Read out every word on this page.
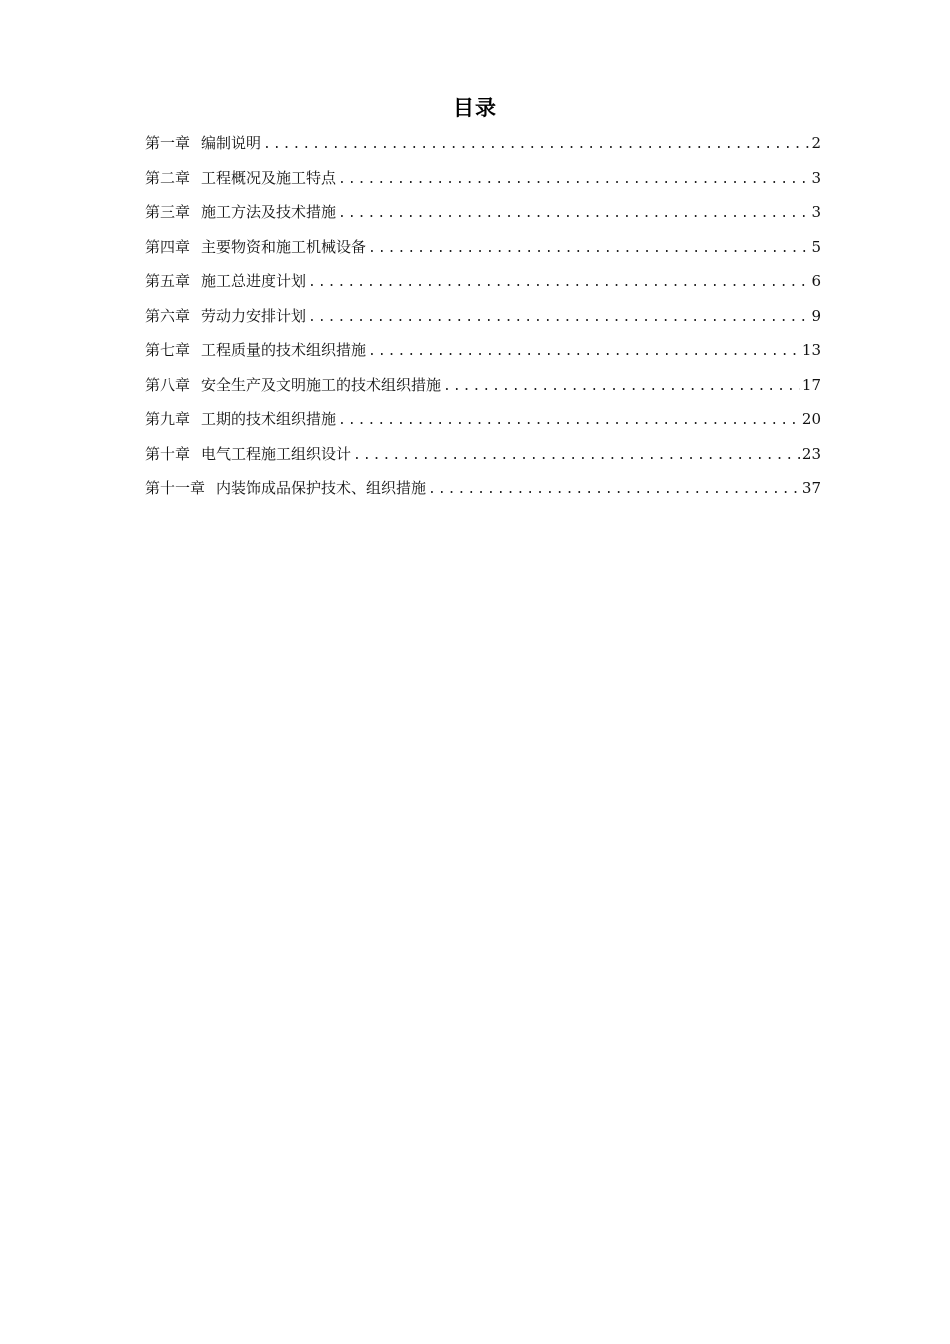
目录
第一章 编制说明 .....	2
第二章 工程概况及施工特点 .....	3
第三章 施工方法及技术措施 .....	3
第四章 主要物资和施工机械设备 .....	5
第五章 施工总进度计划 .....	6
第六章 劳动力安排计划 .....	9
第七章 工程质量的技术组织措施 .....	13
第八章 安全生产及文明施工的技术组织措施 .....	17
第九章 工期的技术组织措施 .....	20
第十章 电气工程施工组织设计 .....	23
第十一章 内装饰成品保护技术、组织措施 .....	37
